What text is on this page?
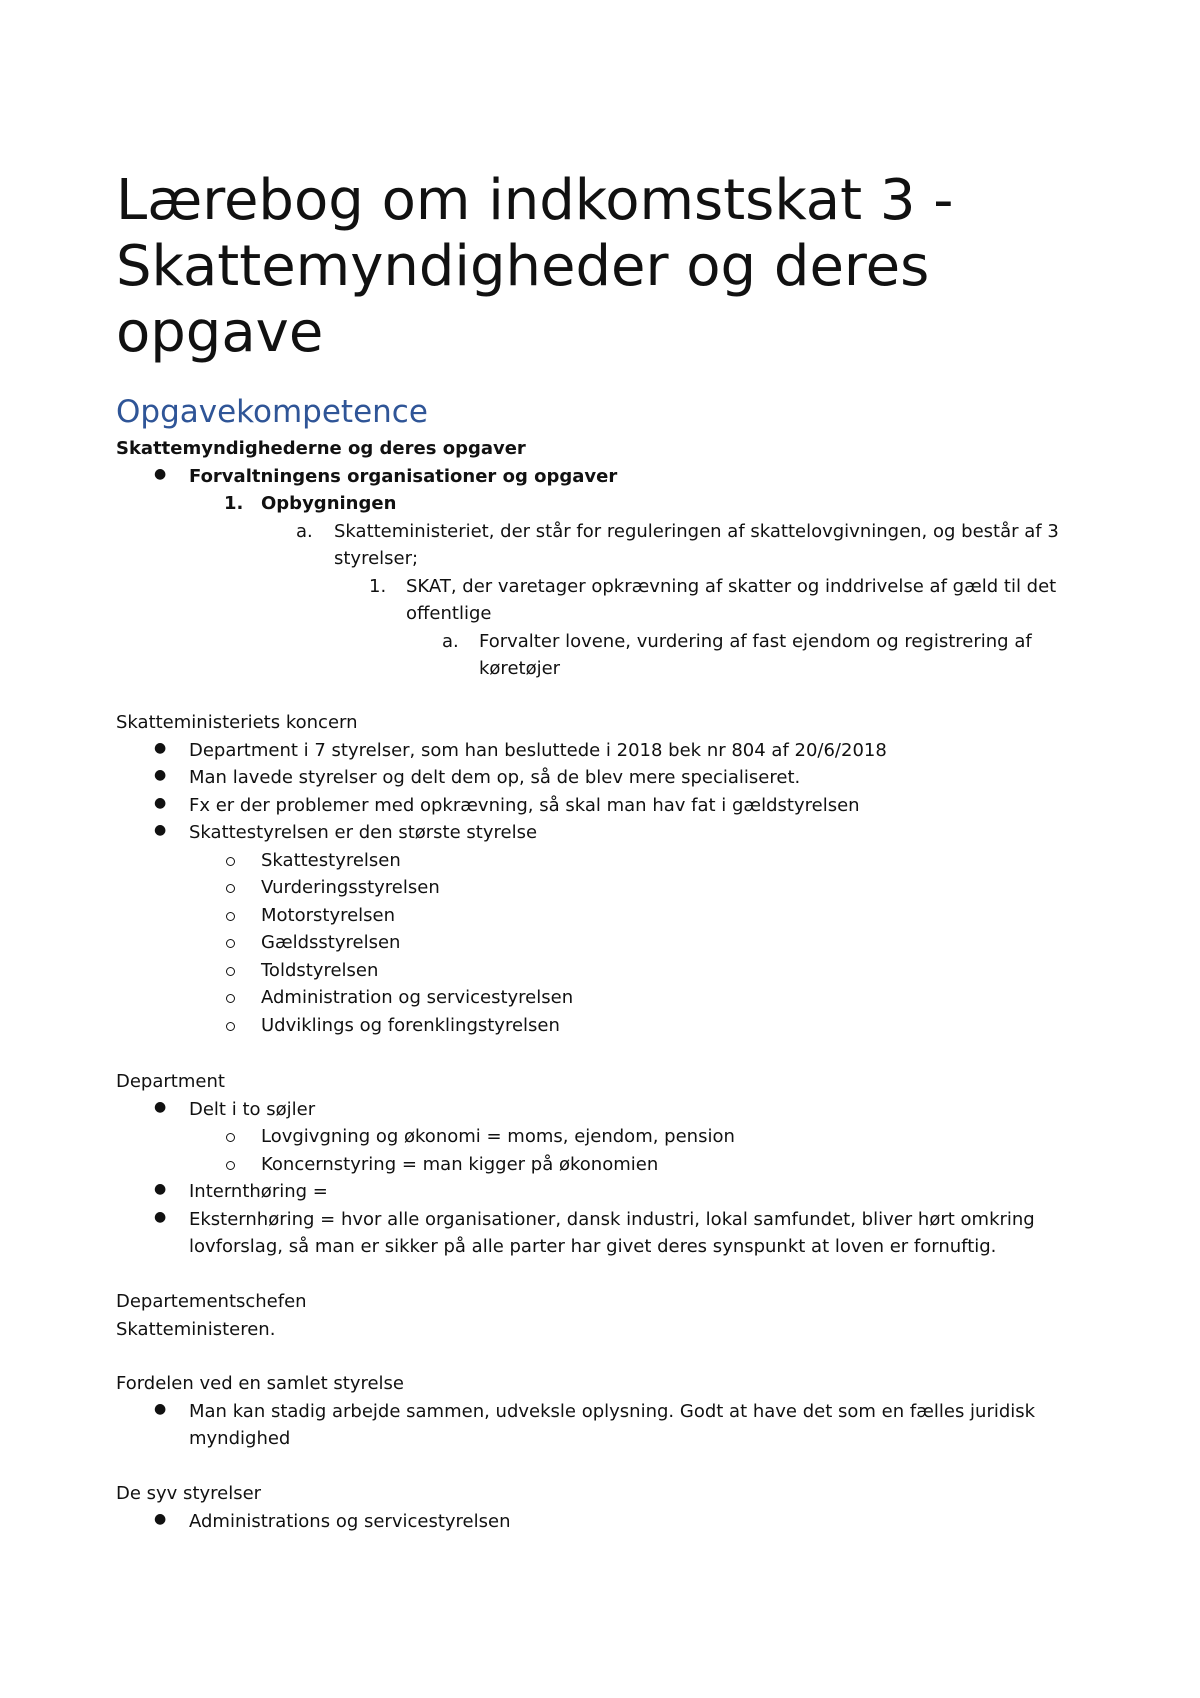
Lærebog om indkomstskat 3 - Skattemyndigheder og deres opgave
Opgavekompetence
Skattemyndighederne og deres opgaver
● Forvaltningens organisationer og opgaver
1. Opbygningen
a. Skatteministeriet, der står for reguleringen af skattelovgivningen, og består af 3
styrelser;
1. SKAT, der varetager opkrævning af skatter og inddrivelse af gæld til det
offentlige
a. Forvalter lovene, vurdering af fast ejendom og registrering af
køretøjer
Skatteministeriets koncern
● Department i 7 styrelser, som han besluttede i 2018 bek nr 804 af 20/6/2018
● Man lavede styrelser og delt dem op, så de blev mere specialiseret.
● Fx er der problemer med opkrævning, så skal man hav fat i gældstyrelsen
● Skattestyrelsen er den største styrelse
Skattestyrelsen
Vurderingsstyrelsen
Motorstyrelsen
Gældsstyrelsen
Toldstyrelsen
Administration og servicestyrelsen
Udviklings og forenklingstyrelsen
Department
● Delt i to søjler
Lovgivgning og økonomi = moms, ejendom, pension
Koncernstyring = man kigger på økonomien
● Internthøring =
● Eksternhøring = hvor alle organisationer, dansk industri, lokal samfundet, bliver hørt omkring
lovforslag, så man er sikker på alle parter har givet deres synspunkt at loven er fornuftig.
Departementschefen
Skatteministeren.
Fordelen ved en samlet styrelse
● Man kan stadig arbejde sammen, udveksle oplysning. Godt at have det som en fælles juridisk
myndighed
De syv styrelser
● Administrations og servicestyrelsen
